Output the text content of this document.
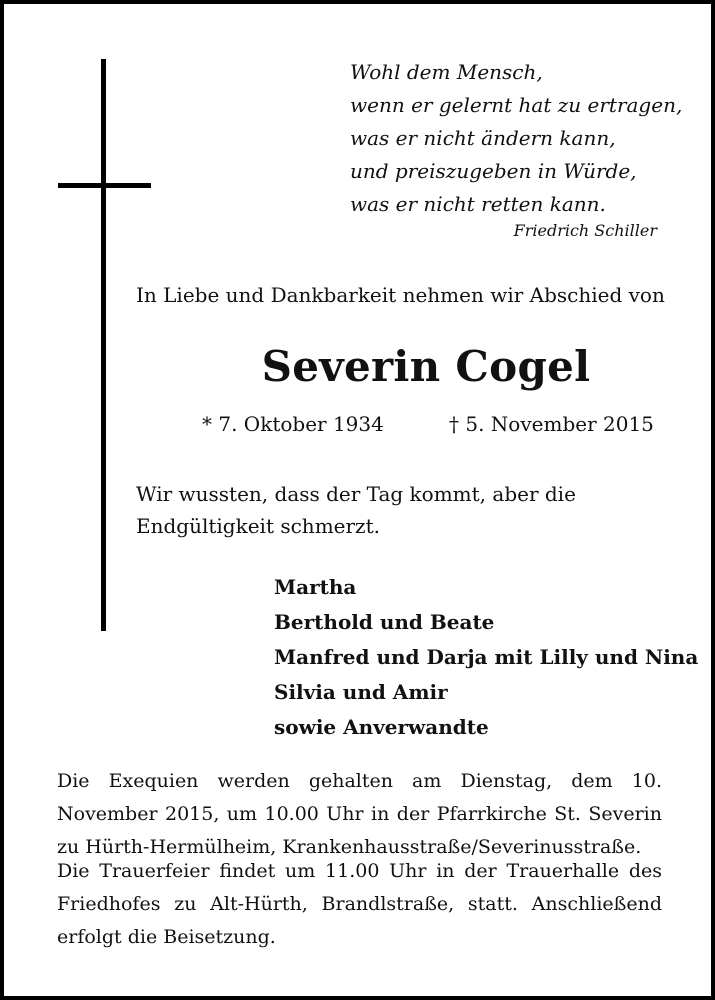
Wohl dem Mensch,
wenn er gelernt hat zu ertragen,
was er nicht ändern kann,
und preiszugeben in Würde,
was er nicht retten kann.
Friedrich Schiller
In Liebe und Dankbarkeit nehmen wir Abschied von
Severin Cogel
* 7. Oktober 1934	† 5. November 2015
Wir wussten, dass der Tag kommt, aber die Endgültigkeit schmerzt.
Martha
Berthold und Beate
Manfred und Darja mit Lilly und Nina
Silvia und Amir
sowie Anverwandte
Die Exequien werden gehalten am Dienstag, dem 10. November 2015, um 10.00 Uhr in der Pfarrkirche St. Severin zu Hürth-Hermülheim, Krankenhausstraße/Severinusstraße.
Die Trauerfeier findet um 11.00 Uhr in der Trauerhalle des Friedhofes zu Alt-Hürth, Brandlstraße, statt. Anschließend erfolgt die Beisetzung.
